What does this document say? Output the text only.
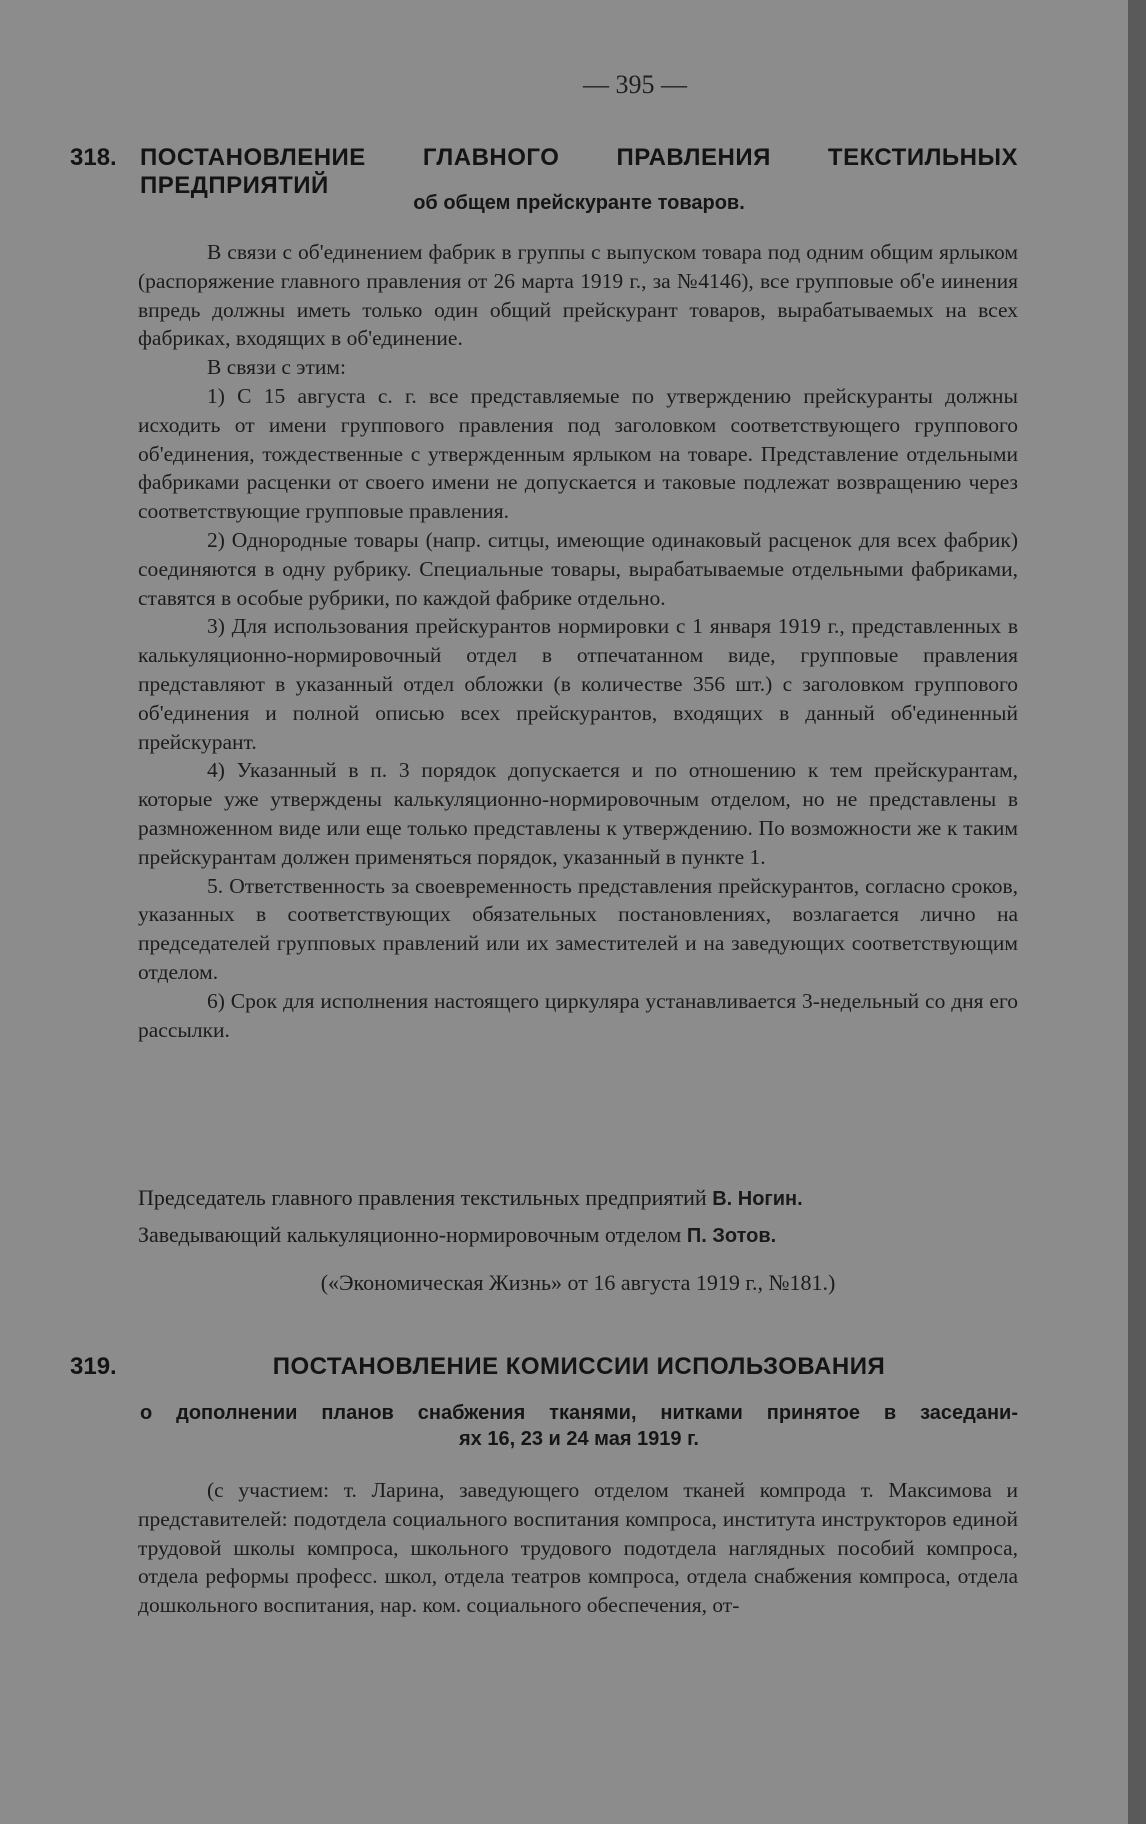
— 395 —
318. ПОСТАНОВЛЕНИЕ ГЛАВНОГО ПРАВЛЕНИЯ ТЕКСТИЛЬНЫХ ПРЕДПРИЯТИЙ
об общем прейскуранте товаров.

В связи с об'единением фабрик в группы с выпуском товара под одним общим ярлыком (распоряжение главного правления от 26 марта 1919 г., за №4146), все групповые об'е иинения впредь должны иметь только один общий прейскурант товаров, вырабатываемых на всех фабриках, входящих в об'единение.

В связи с этим:

1) С 15 августа с. г. все представляемые по утверждению прейскуранты должны исходить от имени группового правления под заголовком соответствующего группового об'единения, тождественные с утвержденным ярлыком на товаре. Представление отдельными фабриками расценки от своего имени не допускается и таковые подлежат возвращению через соответствующие групповые правления.

2) Однородные товары (напр. ситцы, имеющие одинаковый расценок для всех фабрик) соединяются в одну рубрику. Специальные товары, вырабатываемые отдельными фабриками, ставятся в особые рубрики, по каждой фабрике отдельно.

3) Для использования прейскурантов нормировки с 1 января 1919 г., представленных в калькуляционно-нормировочный отдел в отпечатанном виде, групповые правления представляют в указанный отдел обложки (в количестве 356 шт.) с заголовком группового об'единения и полной описью всех прейскурантов, входящих в данный об'единенный прейскурант.

4) Указанный в п. 3 порядок допускается и по отношению к тем прейскурантам, которые уже утверждены калькуляционно-нормировочным отделом, но не представлены в размноженном виде или еще только представлены к утверждению. По возможности же к таким прейскурантам должен применяться порядок, указанный в пункте 1.

5. Ответственность за своевременность представления прейскурантов, согласно сроков, указанных в соответствующих обязательных постановлениях, возлагается лично на председателей групповых правлений или их заместителей и на заведующих соответствующим отделом.

6) Срок для исполнения настоящего циркуляра устанавливается 3-недельный со дня его рассылки.

Председатель главного правления текстильных предприятий В. Ногин.
Заведывающий калькуляционно-нормировочным отделом П. Зотов.
(«Экономическая Жизнь» от 16 августа 1919 г., №181.)
319.	ПОСТАНОВЛЕНИЕ КОМИССИИ ИСПОЛЬЗОВАНИЯ
о дополнении планов снабжения тканями, нитками принятое в заседани-
ях 16, 23 и 24 мая 1919 г.

(с участием: т. Ларина, заведующего отделом тканей компрода т. Максимова и представителей: подотдела социального воспитания компроса, института инструкторов единой трудовой школы компроса, школьного трудового подотдела наглядных пособий компроса, отдела реформы професс. школ, отдела театров компроса, отдела снабжения компроса, отдела дошкольного воспитания, нар. ком. социального обеспечения, от-
